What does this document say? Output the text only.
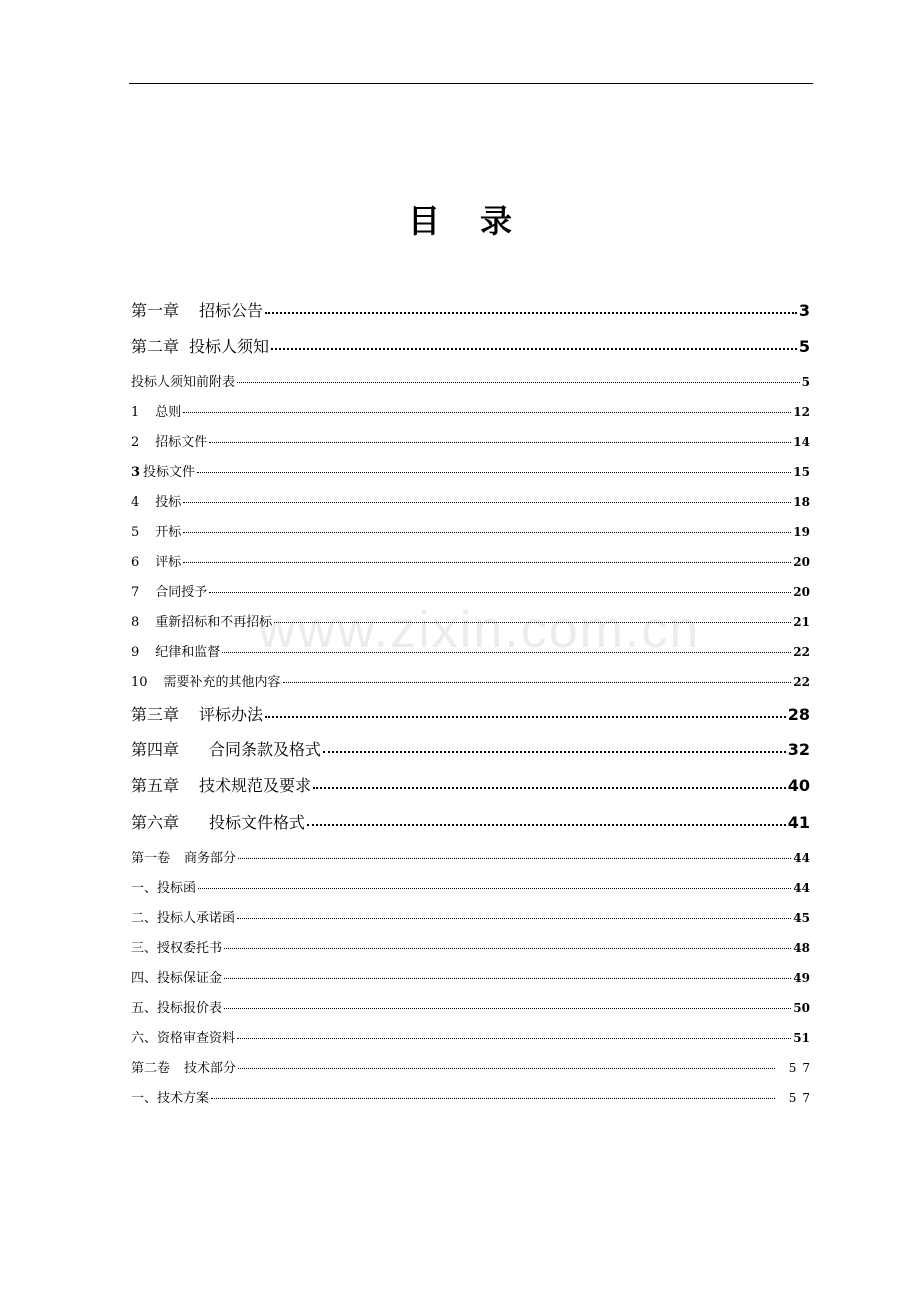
目 录
www.zixin.com.cn
第一章 招标公告	3
第二章 投标人须知	5
投标人须知前附表	5
1 总则	12
2 招标文件	14
3 投标文件	15
4 投标	18
5 开标	19
6 评标	20
7 合同授予	20
8 重新招标和不再招标	21
9 纪律和监督	22
10 需要补充的其他内容	22
第三章 评标办法	28
第四章 合同条款及格式	32
第五章 技术规范及要求	40
第六章 投标文件格式	41
第一卷 商务部分	44
一、投标函	44
二、投标人承诺函	45
三、授权委托书	48
四、投标保证金	49
五、投标报价表	50
六、资格审查资料	51
第二卷 技术部分	57
一、技术方案	57
